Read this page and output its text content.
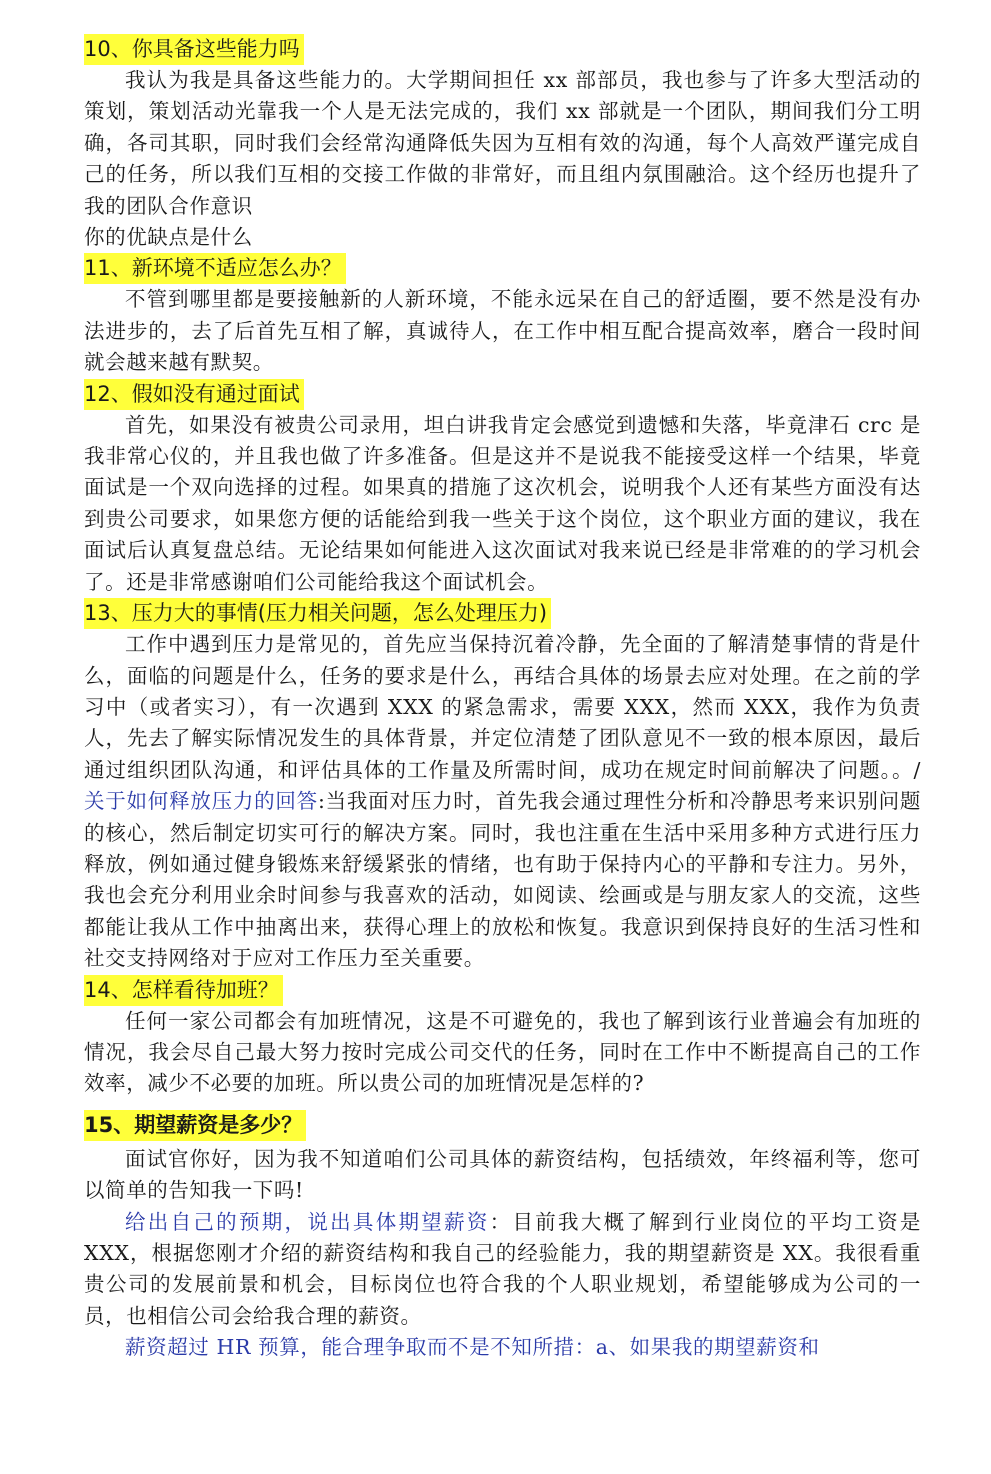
10、你具备这些能力吗

我认为我是具备这些能力的。大学期间担任 xx 部部员，我也参与了许多大型活动的策划，策划活动光靠我一个人是无法完成的，我们 xx 部就是一个团队，期间我们分工明确，各司其职，同时我们会经常沟通降低失因为互相有效的沟通，每个人高效严谨完成自己的任务，所以我们互相的交接工作做的非常好，而且组内氛围融洽。这个经历也提升了我的团队合作意识

你的优缺点是什么

11、新环境不适应怎么办？

不管到哪里都是要接触新的人新环境，不能永远呆在自己的舒适圈，要不然是没有办法进步的，去了后首先互相了解，真诚待人，在工作中相互配合提高效率，磨合一段时间就会越来越有默契。

12、假如没有通过面试

首先，如果没有被贵公司录用，坦白讲我肯定会感觉到遗憾和失落，毕竟津石 crc 是我非常心仪的，并且我也做了许多准备。但是这并不是说我不能接受这样一个结果，毕竟面试是一个双向选择的过程。如果真的措施了这次机会，说明我个人还有某些方面没有达到贵公司要求，如果您方便的话能给到我一些关于这个岗位，这个职业方面的建议，我在面试后认真复盘总结。无论结果如何能进入这次面试对我来说已经是非常难的的学习机会了。还是非常感谢咱们公司能给我这个面试机会。

13、压力大的事情(压力相关问题，怎么处理压力)

工作中遇到压力是常见的，首先应当保持沉着冷静，先全面的了解清楚事情的背是什么，面临的问题是什么，任务的要求是什么，再结合具体的场景去应对处理。在之前的学习中（或者实习），有一次遇到 XXX 的紧急需求，需要 XXX，然而 XXX，我作为负责人，先去了解实际情况发生的具体背景，并定位清楚了团队意见不一致的根本原因，最后通过组织团队沟通，和评估具体的工作量及所需时间，成功在规定时间前解决了问题。。/关于如何释放压力的回答:当我面对压力时，首先我会通过理性分析和冷静思考来识别问题的核心，然后制定切实可行的解决方案。同时，我也注重在生活中采用多种方式进行压力释放，例如通过健身锻炼来舒缓紧张的情绪，也有助于保持内心的平静和专注力。另外，我也会充分利用业余时间参与我喜欢的活动，如阅读、绘画或是与朋友家人的交流，这些都能让我从工作中抽离出来，获得心理上的放松和恢复。我意识到保持良好的生活习性和社交支持网络对于应对工作压力至关重要。

14、怎样看待加班？

任何一家公司都会有加班情况，这是不可避免的，我也了解到该行业普遍会有加班的情况，我会尽自己最大努力按时完成公司交代的任务，同时在工作中不断提高自己的工作效率，减少不必要的加班。所以贵公司的加班情况是怎样的?

15、期望薪资是多少？

面试官你好，因为我不知道咱们公司具体的薪资结构，包括绩效，年终福利等，您可以简单的告知我一下吗!

给出自己的预期，说出具体期望薪资：目前我大概了解到行业岗位的平均工资是 XXX，根据您刚才介绍的薪资结构和我自己的经验能力，我的期望薪资是 XX。我很看重贵公司的发展前景和机会，目标岗位也符合我的个人职业规划，希望能够成为公司的一员，也相信公司会给我合理的薪资。

薪资超过 HR 预算，能合理争取而不是不知所措：a、如果我的期望薪资和
